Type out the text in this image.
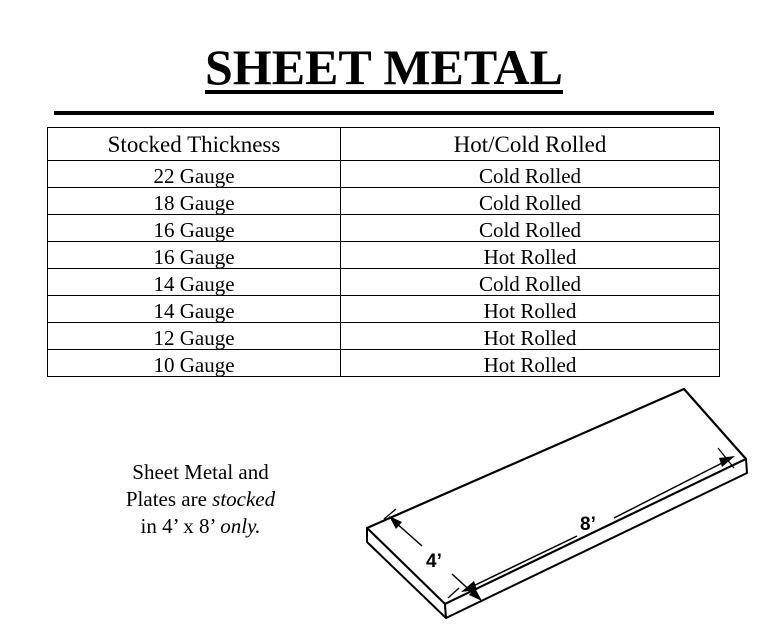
SHEET METAL
Stocked Thickness	Hot/Cold Rolled
22 Gauge	Cold Rolled
18 Gauge	Cold Rolled
16 Gauge	Cold Rolled
16 Gauge	Hot Rolled
14 Gauge	Cold Rolled
14 Gauge	Hot Rolled
12 Gauge	Hot Rolled
10 Gauge	Hot Rolled
Sheet Metal and
Plates are stocked
in 4’ x 8’ only.	8’
4’
